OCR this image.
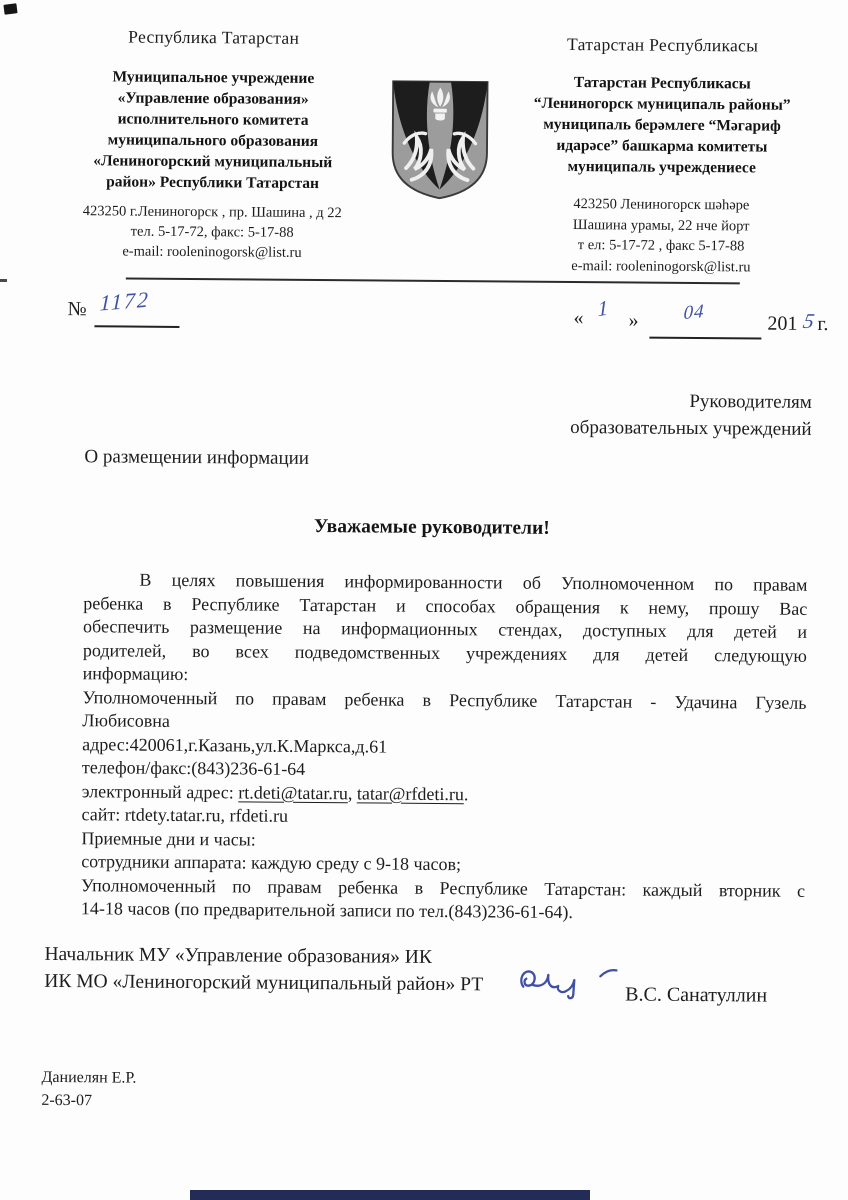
Республика Татарстан
Муниципальное учреждение
«Управление образования»
исполнительного комитета
муниципального образования
«Лениногорский муниципальный
район» Республики Татарстан
423250 г.Лениногорск , пр. Шашина , д 22
тел. 5-17-72, факс: 5-17-88
e-mail: rooleninogorsk@list.ru
Татарстан Республикасы
Татарстан Республикасы
“Лениногорск муниципаль районы”
муниципаль берәмлеге “Мәгариф
идарәсе” башкарма комитеты
муниципаль учреждениесе
423250 Лениногорск шәһәре
Шашина урамы, 22 нче йорт
т ел: 5-17-72 , факс 5-17-88
e-mail: rooleninogorsk@list.ru
№ 1172
« 1 » 04	201 5 г.
Руководителям
образовательных учреждений
О размещении информации
Уважаемые руководители!
В целях повышения информированности об Уполномоченном по правам
ребенка в Республике Татарстан и способах обращения к нему, прошу Вас
обеспечить размещение на информационных стендах, доступных для детей и
родителей, во всех подведомственных учреждениях для детей следующую
информацию:
Уполномоченный по правам ребенка в Республике Татарстан - Удачина Гузель
Любисовна
адрес:420061,г.Казань,ул.К.Маркса,д.61
телефон/факс:(843)236-61-64
электронный адрес: rt.deti@tatar.ru, tatar@rfdeti.ru.
сайт: rtdety.tatar.ru, rfdeti.ru
Приемные дни и часы:
сотрудники аппарата: каждую среду с 9-18 часов;
Уполномоченный по правам ребенка в Республике Татарстан: каждый вторник с
14-18 часов (по предварительной записи по тел.(843)236-61-64).
Начальник МУ «Управление образования» ИК
ИК МО «Лениногорский муниципальный район» РТ	В.С. Санатуллин
Даниелян Е.Р.
2-63-07
